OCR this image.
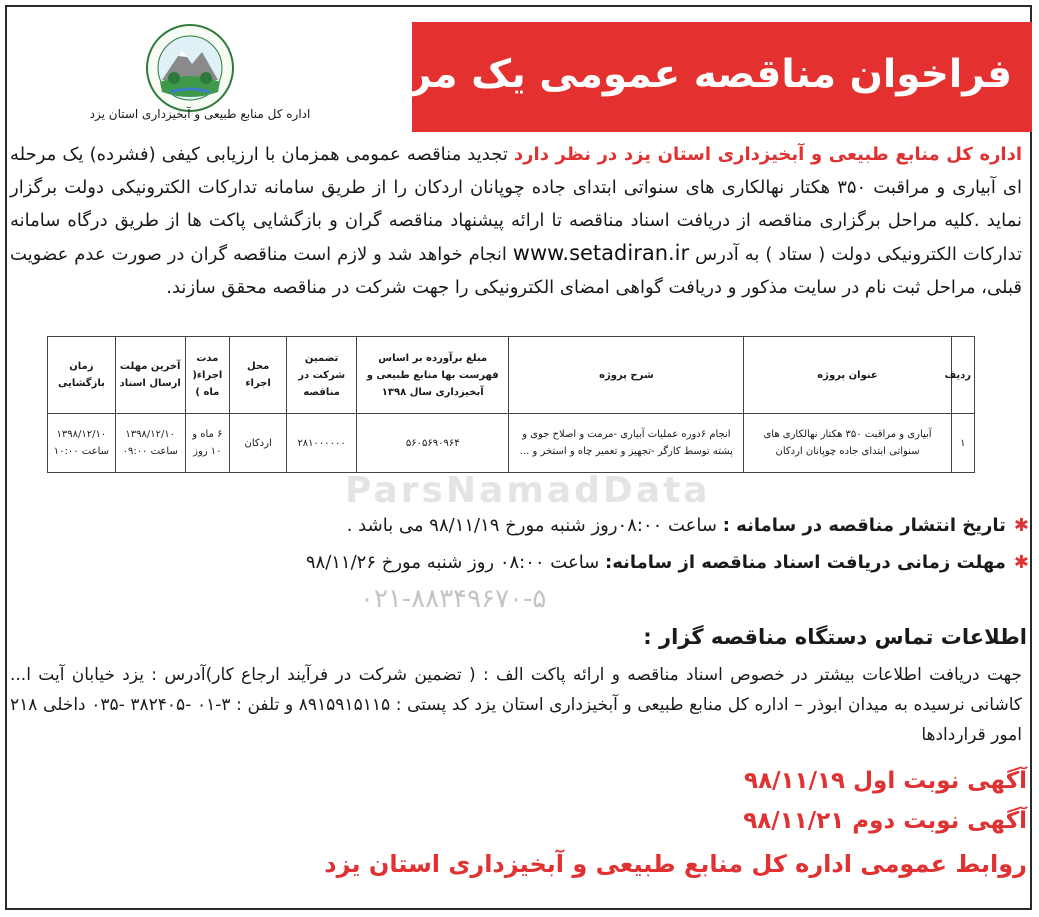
فراخوان مناقصه عمومی یک مرحله ای
اداره کل منابع طبیعی و آبخیزداری استان یزد
اداره کل منابع طبیعی و آبخیزداری استان یزد در نظر دارد تجدید مناقصه عمومی همزمان با ارزیابی کیفی (فشرده) یک مرحله ای آبیاری و مراقبت ۳۵۰ هکتار نهالکاری های سنواتی ابتدای جاده چوپانان اردکان را از طریق سامانه تدارکات الکترونیکی دولت برگزار نماید .کلیه مراحل برگزاری مناقصه از دریافت اسناد مناقصه تا ارائه پیشنهاد مناقصه گران و بازگشایی پاکت ها از طریق درگاه سامانه تدارکات الکترونیکی دولت ( ستاد ) به آدرس www.setadiran.ir انجام خواهد شد و لازم است مناقصه گران در صورت عدم عضویت قبلی، مراحل ثبت نام در سایت مذکور و دریافت گواهی امضای الکترونیکی را جهت شرکت در مناقصه محقق سازند.
ردیف	عنوان پروژه	شرح پروژه	مبلغ برآورده بر اساس فهرست بها منابع طبیعی و آبخیزداری سال ۱۳۹۸	تضمین شرکت در مناقصه	محل اجراء	مدت اجراء( ماه )	آخرین مهلت ارسال اسناد	زمان بازگشایی
۱	آبیاری و مراقبت ۳۵۰ هکتار نهالکاری های سنواتی ابتدای جاده چوپانان اردکان	انجام ۶دوره عملیات آبیاری -مرمت و اصلاح جوی و پشته توسط کارگر -تجهیز و تعمیر چاه و استخر و ...	۵۶۰۵۶۹۰۹۶۴	۲۸۱۰۰۰۰۰۰	اردکان	۶ ماه و ۱۰ روز	۱۳۹۸/۱۲/۱۰ ساعت ۰۹:۰۰	۱۳۹۸/۱۲/۱۰ ساعت ۱۰:۰۰
ParsNamadData
✱تاریخ انتشار مناقصه در سامانه : ساعت ۰۸:۰۰روز شنبه مورخ ۹۸/۱۱/۱۹ می باشد .
✱مهلت زمانی دریافت اسناد مناقصه از سامانه: ساعت ۰۸:۰۰ روز شنبه مورخ ۹۸/۱۱/۲۶
۰۲۱-۸۸۳۴۹۶۷۰-۵
اطلاعات تماس دستگاه مناقصه گزار :
جهت دریافت اطلاعات بیشتر در خصوص اسناد مناقصه و ارائه پاکت الف : ( تضمین شرکت در فرآیند ارجاع کار)آدرس : یزد خیابان آیت ا... کاشانی نرسیده به میدان ابوذر – اداره کل منابع طبیعی و آبخیزداری استان یزد کد پستی : ۸۹۱۵۹۱۵۱۱۵ و تلفن : ۳-۰۱ -۳۸۲۴۰۵ -۰۳۵ داخلی ۲۱۸ امور قراردادها
آگهی نوبت اول ۹۸/۱۱/۱۹
آگهی نوبت دوم ۹۸/۱۱/۲۱
روابط عمومی اداره کل منابع طبیعی و آبخیزداری استان یزد
